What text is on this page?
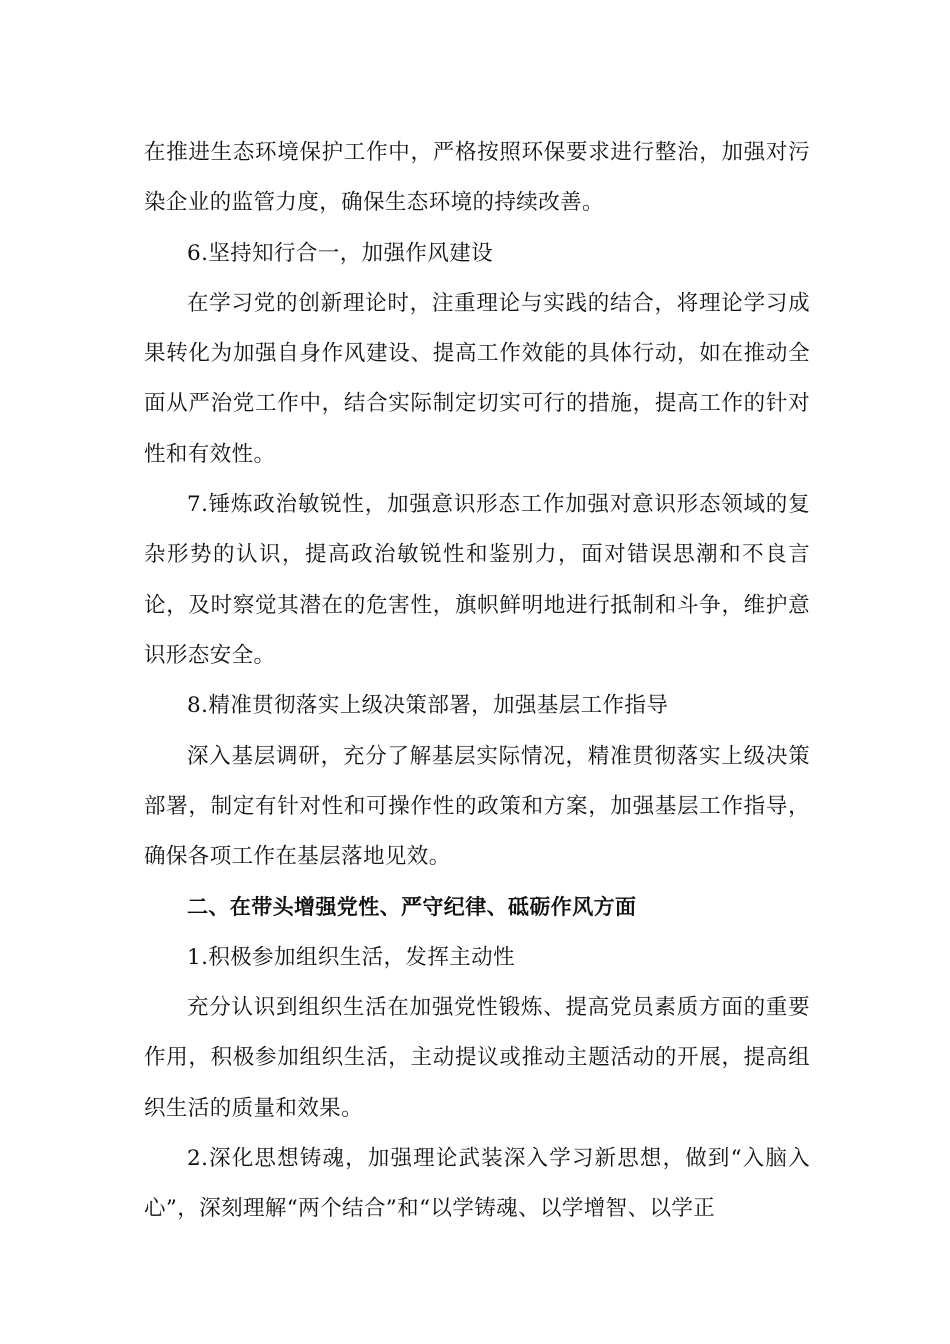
在推进生态环境保护工作中，严格按照环保要求进行整治，加强对污染企业的监管力度，确保生态环境的持续改善。

6.坚持知行合一，加强作风建设

在学习党的创新理论时，注重理论与实践的结合，将理论学习成果转化为加强自身作风建设、提高工作效能的具体行动，如在推动全面从严治党工作中，结合实际制定切实可行的措施，提高工作的针对性和有效性。

7.锤炼政治敏锐性，加强意识形态工作加强对意识形态领域的复杂形势的认识，提高政治敏锐性和鉴别力，面对错误思潮和不良言论，及时察觉其潜在的危害性，旗帜鲜明地进行抵制和斗争，维护意识形态安全。

8.精准贯彻落实上级决策部署，加强基层工作指导

深入基层调研，充分了解基层实际情况，精准贯彻落实上级决策部署，制定有针对性和可操作性的政策和方案，加强基层工作指导，确保各项工作在基层落地见效。

二、在带头增强党性、严守纪律、砥砺作风方面

1.积极参加组织生活，发挥主动性

充分认识到组织生活在加强党性锻炼、提高党员素质方面的重要作用，积极参加组织生活，主动提议或推动主题活动的开展，提高组织生活的质量和效果。

2.深化思想铸魂，加强理论武装深入学习新思想，做到“入脑入心”，深刻理解“两个结合”和“以学铸魂、以学增智、以学正
